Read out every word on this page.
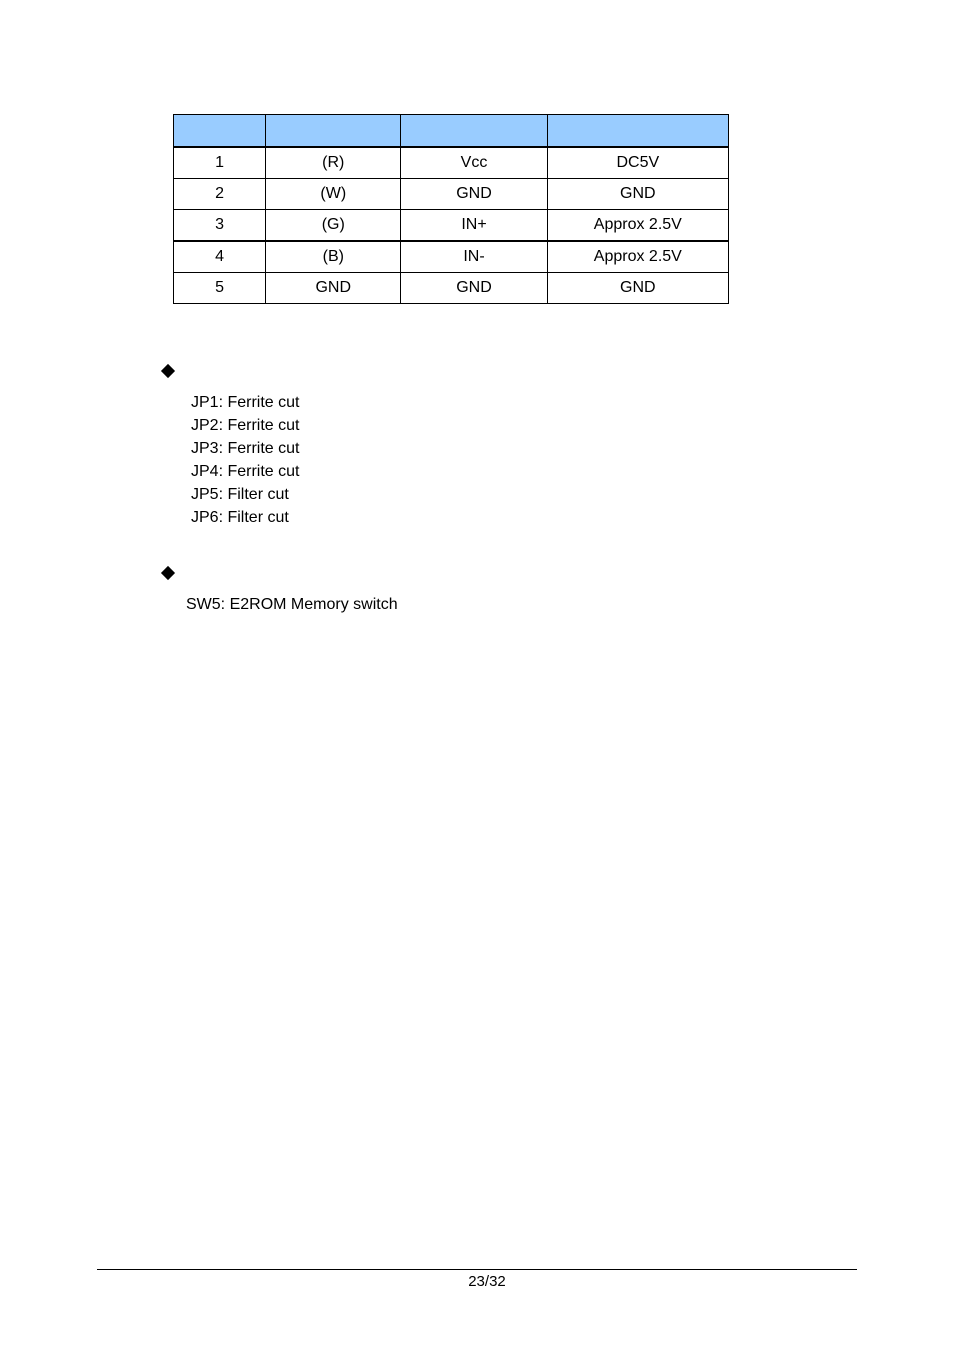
1	(R)	Vcc	DC5V
2	(W)	GND	GND
3	(G)	IN+	Approx 2.5V
4	(B)	IN-	Approx 2.5V
5	GND	GND	GND
JP1: Ferrite cut
JP2: Ferrite cut
JP3: Ferrite cut
JP4: Ferrite cut
JP5: Filter cut
JP6: Filter cut
SW5: E2ROM Memory switch
23/32
